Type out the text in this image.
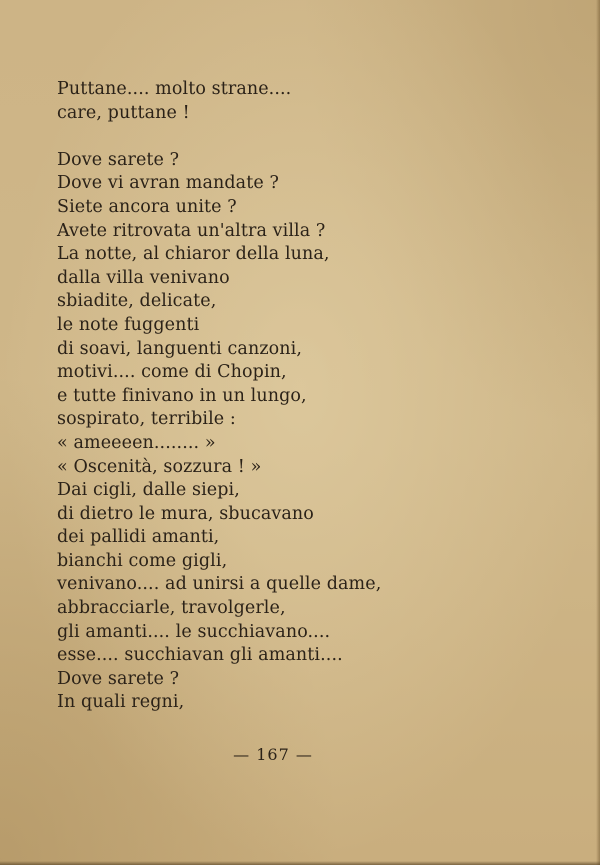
Puttane.... molto strane....
care, puttane !
Dove sarete ?
Dove vi avran mandate ?
Siete ancora unite ?
Avete ritrovata un'altra villa ?
La notte, al chiaror della luna,
dalla villa venivano
sbiadite, delicate,
le note fuggenti
di soavi, languenti canzoni,
motivi.... come di Chopin,
e tutte finivano in un lungo,
sospirato, terribile :
« ameeeen........ »
« Oscenità, sozzura ! »
Dai cigli, dalle siepi,
di dietro le mura, sbucavano
dei pallidi amanti,
bianchi come gigli,
venivano.... ad unirsi a quelle dame,
abbracciarle, travolgerle,
gli amanti.... le succhiavano....
esse.... succhiavan gli amanti....
Dove sarete ?
In quali regni,
— 167 —
